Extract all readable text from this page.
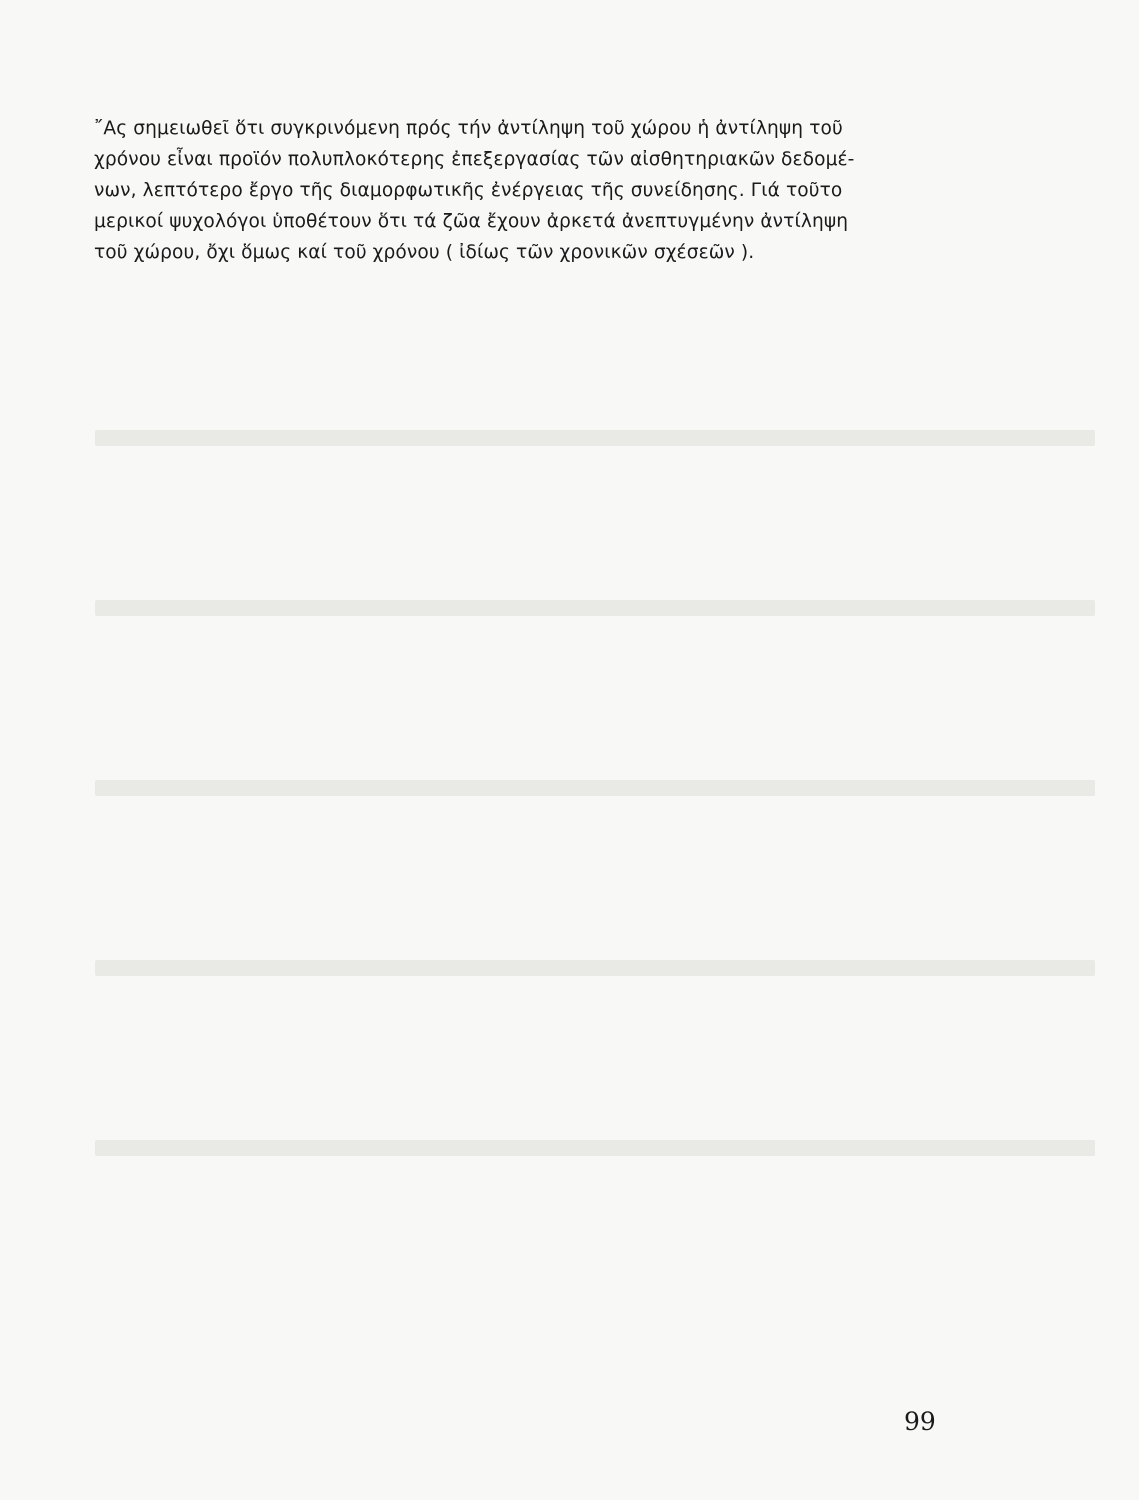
῎Ας σημειωθεῖ ὅτι συγκρινόμενη πρός τήν ἀντίληψη τοῦ χώρου ἡ ἀντίληψη τοῦ
χρόνου εἶναι προϊόν πολυπλοκότερης ἐπεξεργασίας τῶν αἰσθητηριακῶν δεδομέ-
νων, λεπτότερο ἔργο τῆς διαμορφωτικῆς ἐνέργειας τῆς συνείδησης. Γιά τοῦτο
μερικοί ψυχολόγοι ὑποθέτουν ὅτι τά ζῶα ἔχουν ἀρκετά ἀνεπτυγμένην ἀντίληψη
τοῦ χώρου, ὄχι ὅμως καί τοῦ χρόνου ( ἰδίως τῶν χρονικῶν σχέσεῶν ).

99
